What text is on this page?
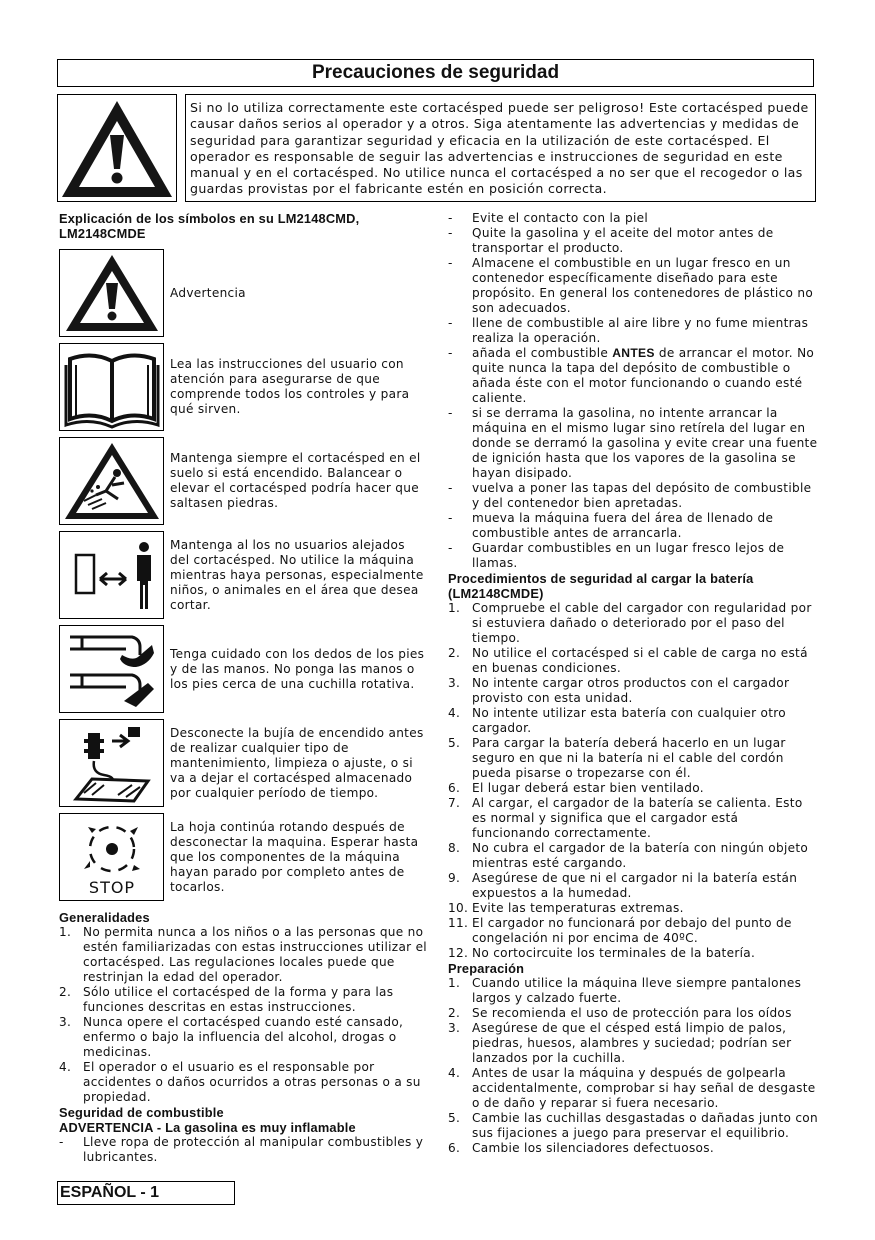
Precauciones de seguridad
Si no lo utiliza correctamente este cortacésped puede ser peligroso! Este cortacésped puede causar daños serios al operador y a otros. Siga atentamente las advertencias y medidas de seguridad para garantizar seguridad y eficacia en la utilización de este cortacésped. El operador es responsable de seguir las advertencias e instrucciones de seguridad en este manual y en el cortacésped. No utilice nunca el cortacésped a no ser que el recogedor o las guardas provistas por el fabricante estén en posición correcta.
Explicación de los símbolos en su LM2148CMD, LM2148CMDE
Advertencia
Lea las instrucciones del usuario con atención para asegurarse de que comprende todos los controles y para qué sirven.
Mantenga siempre el cortacésped en el suelo si está encendido. Balancear o elevar el cortacésped podría hacer que saltasen piedras.
Mantenga al los no usuarios alejados del cortacésped. No utilice la máquina mientras haya personas, especialmente niños, o animales en el área que desea cortar.
Tenga cuidado con los dedos de los pies y de las manos. No ponga las manos o los pies cerca de una cuchilla rotativa.
Desconecte la bujía de encendido antes de realizar cualquier tipo de mantenimiento, limpieza o ajuste, o si va a dejar el cortacésped almacenado por cualquier período de tiempo.
STOP
La hoja continúa rotando después de desconectar la maquina. Esperar hasta que los componentes de la máquina hayan parado por completo antes de tocarlos.
Generalidades
1. No permita nunca a los niños o a las personas que no estén familiarizadas con estas instrucciones utilizar el cortacésped. Las regulaciones locales puede que restrinjan la edad del operador.
2. Sólo utilice el cortacésped de la forma y para las funciones descritas en estas instrucciones.
3. Nunca opere el cortacésped cuando esté cansado, enfermo o bajo la influencia del alcohol, drogas o medicinas.
4. El operador o el usuario es el responsable por accidentes o daños ocurridos a otras personas o a su propiedad.
Seguridad de combustible
ADVERTENCIA - La gasolina es muy inflamable
- Lleve ropa de protección al manipular combustibles y lubricantes.
- Evite el contacto con la piel
- Quite la gasolina y el aceite del motor antes de transportar el producto.
- Almacene el combustible en un lugar fresco en un contenedor específicamente diseñado para este propósito. En general los contenedores de plástico no son adecuados.
- llene de combustible al aire libre y no fume mientras realiza la operación.
- añada el combustible ANTES de arrancar el motor. No quite nunca la tapa del depósito de combustible o añada éste con el motor funcionando o cuando esté caliente.
- si se derrama la gasolina, no intente arrancar la máquina en el mismo lugar sino retírela del lugar en donde se derramó la gasolina y evite crear una fuente de ignición hasta que los vapores de la gasolina se hayan disipado.
- vuelva a poner las tapas del depósito de combustible y del contenedor bien apretadas.
- mueva la máquina fuera del área de llenado de combustible antes de arrancarla.
- Guardar combustibles en un lugar fresco lejos de llamas.
Procedimientos de seguridad al cargar la batería (LM2148CMDE)
1. Compruebe el cable del cargador con regularidad por si estuviera dañado o deteriorado por el paso del tiempo.
2. No utilice el cortacésped si el cable de carga no está en buenas condiciones.
3. No intente cargar otros productos con el cargador provisto con esta unidad.
4. No intente utilizar esta batería con cualquier otro cargador.
5. Para cargar la batería deberá hacerlo en un lugar seguro en que ni la batería ni el cable del cordón pueda pisarse o tropezarse con él.
6. El lugar deberá estar bien ventilado.
7. Al cargar, el cargador de la batería se calienta. Esto es normal y significa que el cargador está funcionando correctamente.
8. No cubra el cargador de la batería con ningún objeto mientras esté cargando.
9. Asegúrese de que ni el cargador ni la batería están expuestos a la humedad.
10. Evite las temperaturas extremas.
11. El cargador no funcionará por debajo del punto de congelación ni por encima de 40ºC.
12. No cortocircuite los terminales de la batería.
Preparación
1. Cuando utilice la máquina lleve siempre pantalones largos y calzado fuerte.
2. Se recomienda el uso de protección para los oídos
3. Asegúrese de que el césped está limpio de palos, piedras, huesos, alambres y suciedad; podrían ser lanzados por la cuchilla.
4. Antes de usar la máquina y después de golpearla accidentalmente, comprobar si hay señal de desgaste o de daño y reparar si fuera necesario.
5. Cambie las cuchillas desgastadas o dañadas junto con sus fijaciones a juego para preservar el equilibrio.
6. Cambie los silenciadores defectuosos.
ESPAÑOL - 1
